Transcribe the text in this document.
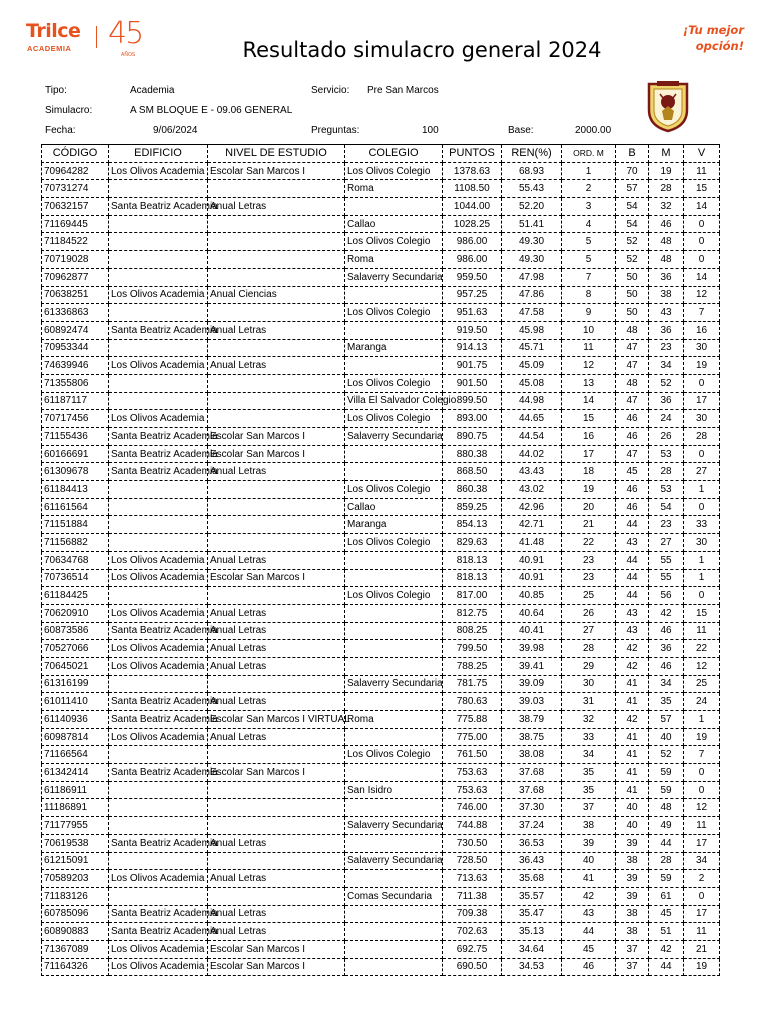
Trilce
ACADEMIA 45
AÑOS
¡Tu mejor
opción!
Resultado simulacro general 2024
Tipo:	Academia	Servicio: Pre San Marcos
Simulacro:	A SM BLOQUE E - 09.06 GENERAL
Fecha:	9/06/2024	Preguntas:	100	Base:	2000.00
CÓDIGO	EDIFICIO	NIVEL DE ESTUDIO	COLEGIO	PUNTOS	REN(%)	ORD. M	B	M	V
70964282	Los Olivos Academia	Escolar San Marcos I	Los Olivos Colegio	1378.63	68.93	1	70	19	11
70731274			Roma	1108.50	55.43	2	57	28	15
70632157	Santa Beatriz Academia	Anual Letras		1044.00	52.20	3	54	32	14
71169445			Callao	1028.25	51.41	4	54	46	0
71184522			Los Olivos Colegio	986.00	49.30	5	52	48	0
70719028			Roma	986.00	49.30	5	52	48	0
70962877			Salaverry Secundaria	959.50	47.98	7	50	36	14
70638251	Los Olivos Academia	Anual Ciencias		957.25	47.86	8	50	38	12
61336863			Los Olivos Colegio	951.63	47.58	9	50	43	7
60892474	Santa Beatriz Academia	Anual Letras		919.50	45.98	10	48	36	16
70953344			Maranga	914.13	45.71	11	47	23	30
74639946	Los Olivos Academia	Anual Letras		901.75	45.09	12	47	34	19
71355806			Los Olivos Colegio	901.50	45.08	13	48	52	0
61187117			Villa El Salvador Colegio	899.50	44.98	14	47	36	17
70717456	Los Olivos Academia		Los Olivos Colegio	893.00	44.65	15	46	24	30
71155436	Santa Beatriz Academia	Escolar San Marcos I	Salaverry Secundaria	890.75	44.54	16	46	26	28
60166691	Santa Beatriz Academia	Escolar San Marcos I		880.38	44.02	17	47	53	0
61309678	Santa Beatriz Academia	Anual Letras		868.50	43.43	18	45	28	27
61184413			Los Olivos Colegio	860.38	43.02	19	46	53	1
61161564			Callao	859.25	42.96	20	46	54	0
71151884			Maranga	854.13	42.71	21	44	23	33
71156882			Los Olivos Colegio	829.63	41.48	22	43	27	30
70634768	Los Olivos Academia	Anual Letras		818.13	40.91	23	44	55	1
70736514	Los Olivos Academia	Escolar San Marcos I		818.13	40.91	23	44	55	1
61184425			Los Olivos Colegio	817.00	40.85	25	44	56	0
70620910	Los Olivos Academia	Anual Letras		812.75	40.64	26	43	42	15
60873586	Santa Beatriz Academia	Anual Letras		808.25	40.41	27	43	46	11
70527066	Los Olivos Academia	Anual Letras		799.50	39.98	28	42	36	22
70645021	Los Olivos Academia	Anual Letras		788.25	39.41	29	42	46	12
61316199			Salaverry Secundaria	781.75	39.09	30	41	34	25
61011410	Santa Beatriz Academia	Anual Letras		780.63	39.03	31	41	35	24
61140936	Santa Beatriz Academia	Escolar San Marcos I VIRTUAL	Roma	775.88	38.79	32	42	57	1
60987814	Los Olivos Academia	Anual Letras		775.00	38.75	33	41	40	19
71166564			Los Olivos Colegio	761.50	38.08	34	41	52	7
61342414	Santa Beatriz Academia	Escolar San Marcos I		753.63	37.68	35	41	59	0
61186911			San Isidro	753.63	37.68	35	41	59	0
11186891				746.00	37.30	37	40	48	12
71177955			Salaverry Secundaria	744.88	37.24	38	40	49	11
70619538	Santa Beatriz Academia	Anual Letras		730.50	36.53	39	39	44	17
61215091			Salaverry Secundaria	728.50	36.43	40	38	28	34
70589203	Los Olivos Academia	Anual Letras		713.63	35.68	41	39	59	2
71183126			Comas Secundaria	711.38	35.57	42	39	61	0
60785096	Santa Beatriz Academia	Anual Letras		709.38	35.47	43	38	45	17
60890883	Santa Beatriz Academia	Anual Letras		702.63	35.13	44	38	51	11
71367089	Los Olivos Academia	Escolar San Marcos I		692.75	34.64	45	37	42	21
71164326	Los Olivos Academia	Escolar San Marcos I		690.50	34.53	46	37	44	19
